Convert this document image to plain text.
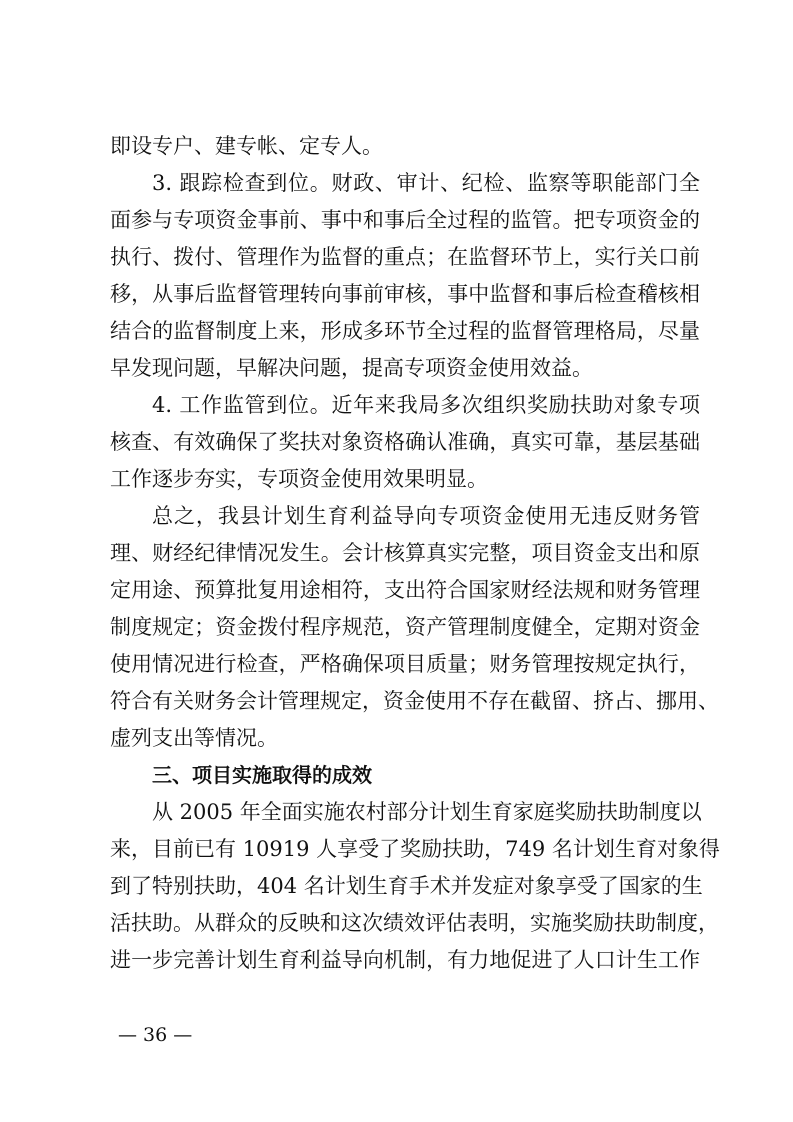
即设专户、建专帐、定专人。
3. 跟踪检查到位。财政、审计、纪检、监察等职能部门全
面参与专项资金事前、事中和事后全过程的监管。把专项资金的
执行、拨付、管理作为监督的重点；在监督环节上，实行关口前
移，从事后监督管理转向事前审核，事中监督和事后检查稽核相
结合的监督制度上来，形成多环节全过程的监督管理格局，尽量
早发现问题，早解决问题，提高专项资金使用效益。
4. 工作监管到位。近年来我局多次组织奖励扶助对象专项
核查、有效确保了奖扶对象资格确认准确，真实可靠，基层基础
工作逐步夯实，专项资金使用效果明显。
总之，我县计划生育利益导向专项资金使用无违反财务管
理、财经纪律情况发生。会计核算真实完整，项目资金支出和原
定用途、预算批复用途相符，支出符合国家财经法规和财务管理
制度规定；资金拨付程序规范，资产管理制度健全，定期对资金
使用情况进行检查，严格确保项目质量；财务管理按规定执行，
符合有关财务会计管理规定，资金使用不存在截留、挤占、挪用、
虚列支出等情况。
三、项目实施取得的成效
从 2005 年全面实施农村部分计划生育家庭奖励扶助制度以
来，目前已有 10919 人享受了奖励扶助，749 名计划生育对象得
到了特别扶助，404 名计划生育手术并发症对象享受了国家的生
活扶助。从群众的反映和这次绩效评估表明，实施奖励扶助制度，
进一步完善计划生育利益导向机制，有力地促进了人口计生工作
— 36 —
